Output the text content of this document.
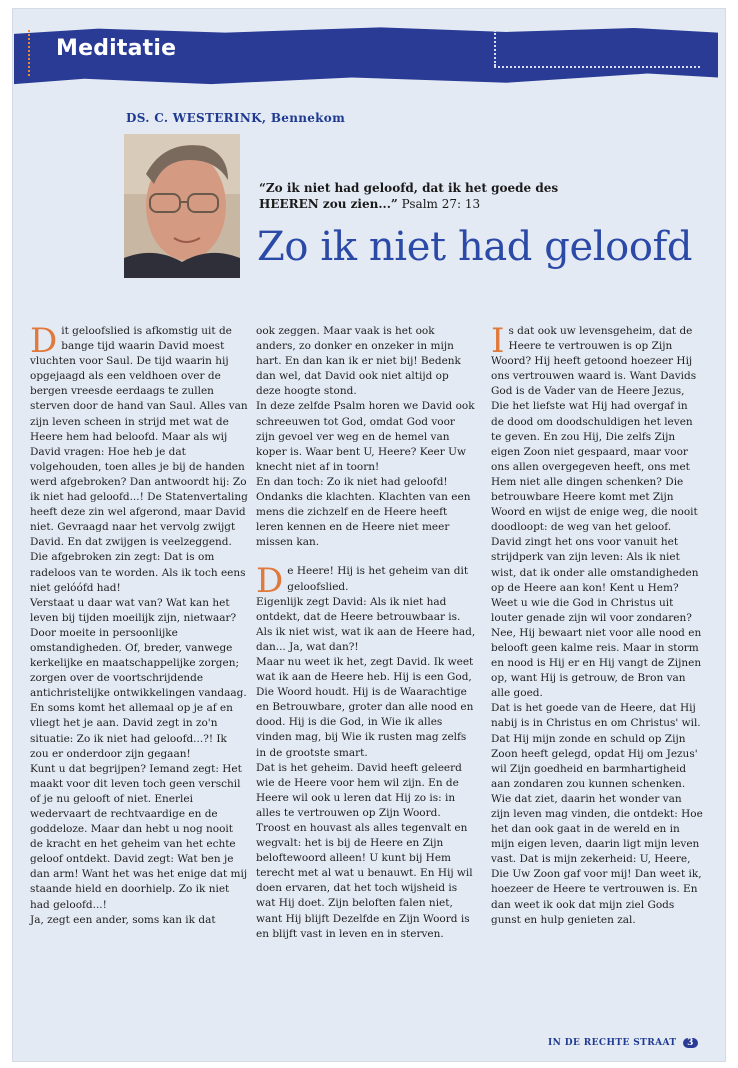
Meditatie
DS. C. WESTERINK, Bennekom
“Zo ik niet had geloofd, dat ik het goede des HEEREN zou zien...” Psalm 27: 13
Zo ik niet had geloofd

Dit geloofslied is afkomstig uit de bange tijd waarin David moest vluchten voor Saul. De tijd waarin hij opgejaagd als een veldhoen over de bergen vreesde eerdaags te zullen sterven door de hand van Saul. Alles van zijn leven scheen in strijd met wat de Heere hem had beloofd. Maar als wij David vragen: Hoe heb je dat volgehouden, toen alles je bij de handen werd afgebroken? Dan antwoordt hij: Zo ik niet had geloofd...! De Statenvertaling heeft deze zin wel afgerond, maar David niet. Gevraagd naar het vervolg zwijgt David. En dat zwijgen is veelzeggend. Die afgebroken zin zegt: Dat is om radeloos van te worden. Als ik toch eens niet gelóófd had!

Verstaat u daar wat van? Wat kan het leven bij tijden moeilijk zijn, nietwaar? Door moeite in persoonlijke omstandigheden. Of, breder, vanwege kerkelijke en maatschappelijke zorgen; zorgen over de voortschrijdende antichristelijke ontwikkelingen vandaag. En soms komt het allemaal op je af en vliegt het je aan. David zegt in zo'n situatie: Zo ik niet had geloofd...?! Ik zou er onderdoor zijn gegaan!

Kunt u dat begrijpen? Iemand zegt: Het maakt voor dit leven toch geen verschil of je nu gelooft of niet. Enerlei wedervaart de rechtvaardige en de goddeloze. Maar dan hebt u nog nooit de kracht en het geheim van het echte geloof ontdekt. David zegt: Wat ben je dan arm! Want het was het enige dat mij staande hield en doorhielp. Zo ik niet had geloofd...!

Ja, zegt een ander, soms kan ik dat

ook zeggen. Maar vaak is het ook anders, zo donker en onzeker in mijn hart. En dan kan ik er niet bij! Bedenk dan wel, dat David ook niet altijd op deze hoogte stond.

In deze zelfde Psalm horen we David ook schreeuwen tot God, omdat God voor zijn gevoel ver weg en de hemel van koper is. Waar bent U, Heere? Keer Uw knecht niet af in toorn!

En dan toch: Zo ik niet had geloofd! Ondanks die klachten. Klachten van een mens die zichzelf en de Heere heeft leren kennen en de Heere niet meer missen kan.

De Heere! Hij is het geheim van dit geloofslied.

Eigenlijk zegt David: Als ik niet had ontdekt, dat de Heere betrouwbaar is. Als ik niet wist, wat ik aan de Heere had, dan... Ja, wat dan?!

Maar nu weet ik het, zegt David. Ik weet wat ik aan de Heere heb. Hij is een God, Die Woord houdt. Hij is de Waarachtige en Betrouwbare, groter dan alle nood en dood. Hij is die God, in Wie ik alles vinden mag, bij Wie ik rusten mag zelfs in de grootste smart.

Dat is het geheim. David heeft geleerd wie de Heere voor hem wil zijn. En de Heere wil ook u leren dat Hij zo is: in alles te vertrouwen op Zijn Woord. Troost en houvast als alles tegenvalt en wegvalt: het is bij de Heere en Zijn beloftewoord alleen! U kunt bij Hem terecht met al wat u benauwt. En Hij wil doen ervaren, dat het toch wijsheid is wat Hij doet. Zijn beloften falen niet, want Hij blijft Dezelfde en Zijn Woord is en blijft vast in leven en in sterven.

Is dat ook uw levensgeheim, dat de Heere te vertrouwen is op Zijn Woord? Hij heeft getoond hoezeer Hij ons vertrouwen waard is. Want Davids God is de Vader van de Heere Jezus, Die het liefste wat Hij had overgaf in de dood om doodschuldigen het leven te geven. En zou Hij, Die zelfs Zijn eigen Zoon niet gespaard, maar voor ons allen overgegeven heeft, ons met Hem niet alle dingen schenken? Die betrouwbare Heere komt met Zijn Woord en wijst de enige weg, die nooit doodloopt: de weg van het geloof. David zingt het ons voor vanuit het strijdperk van zijn leven: Als ik niet wist, dat ik onder alle omstandigheden op de Heere aan kon! Kent u Hem? Weet u wie die God in Christus uit louter genade zijn wil voor zondaren? Nee, Hij bewaart niet voor alle nood en belooft geen kalme reis. Maar in storm en nood is Hij er en Hij vangt de Zijnen op, want Hij is getrouw, de Bron van alle goed.

Dat is het goede van de Heere, dat Hij nabij is in Christus en om Christus' wil. Dat Hij mijn zonde en schuld op Zijn Zoon heeft gelegd, opdat Hij om Jezus' wil Zijn goedheid en barmhartigheid aan zondaren zou kunnen schenken.

Wie dat ziet, daarin het wonder van zijn leven mag vinden, die ontdekt: Hoe het dan ook gaat in de wereld en in mijn eigen leven, daarin ligt mijn leven vast. Dat is mijn zekerheid: U, Heere, Die Uw Zoon gaf voor mij! Dan weet ik, hoezeer de Heere te vertrouwen is. En dan weet ik ook dat mijn ziel Gods gunst en hulp genieten zal.

IN DE RECHTE STRAAT 3
